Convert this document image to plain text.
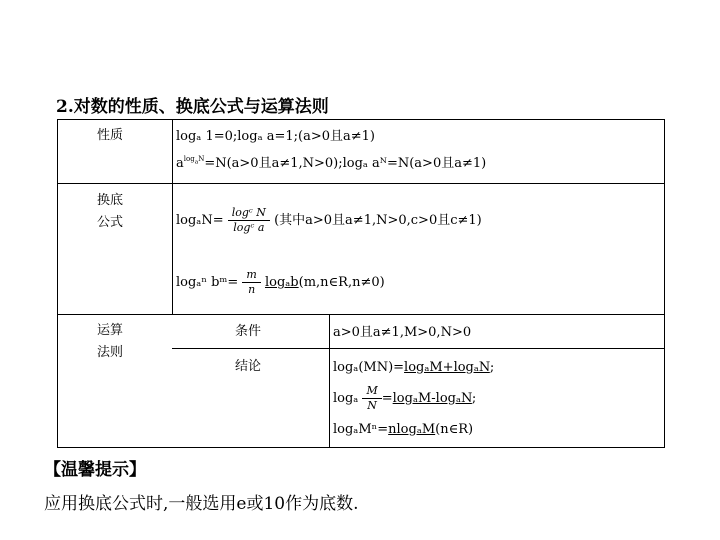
2.对数的性质、换底公式与运算法则
性质	logₐ 1=0;logₐ a=1;(a>0且a≠1)
$a^{log_aN}=N(a>0$且a≠1,N>0);logₐ aᴺ=N(a>0且a≠1)
换底
公式	$\log_aN= \frac{\text{logᶜ N}}{\text{logᶜ a}}$ (其中a>0且a≠1,N>0,c>0且c≠1)
logₐⁿ bᵐ= $\frac{m}{n}$ logₐb(m,n∈R,n≠0)
运算
法则
条件	a>0且a≠1,M>0,N>0
结论	logₐ(MN)=logₐM+logₐN;
logₐ $\frac{M}{N} =\log_aM-\log_aN$;
logₐMⁿ=nlogₐM(n∈R)
【温馨提示】
应用换底公式时,一般选用e或10作为底数.
